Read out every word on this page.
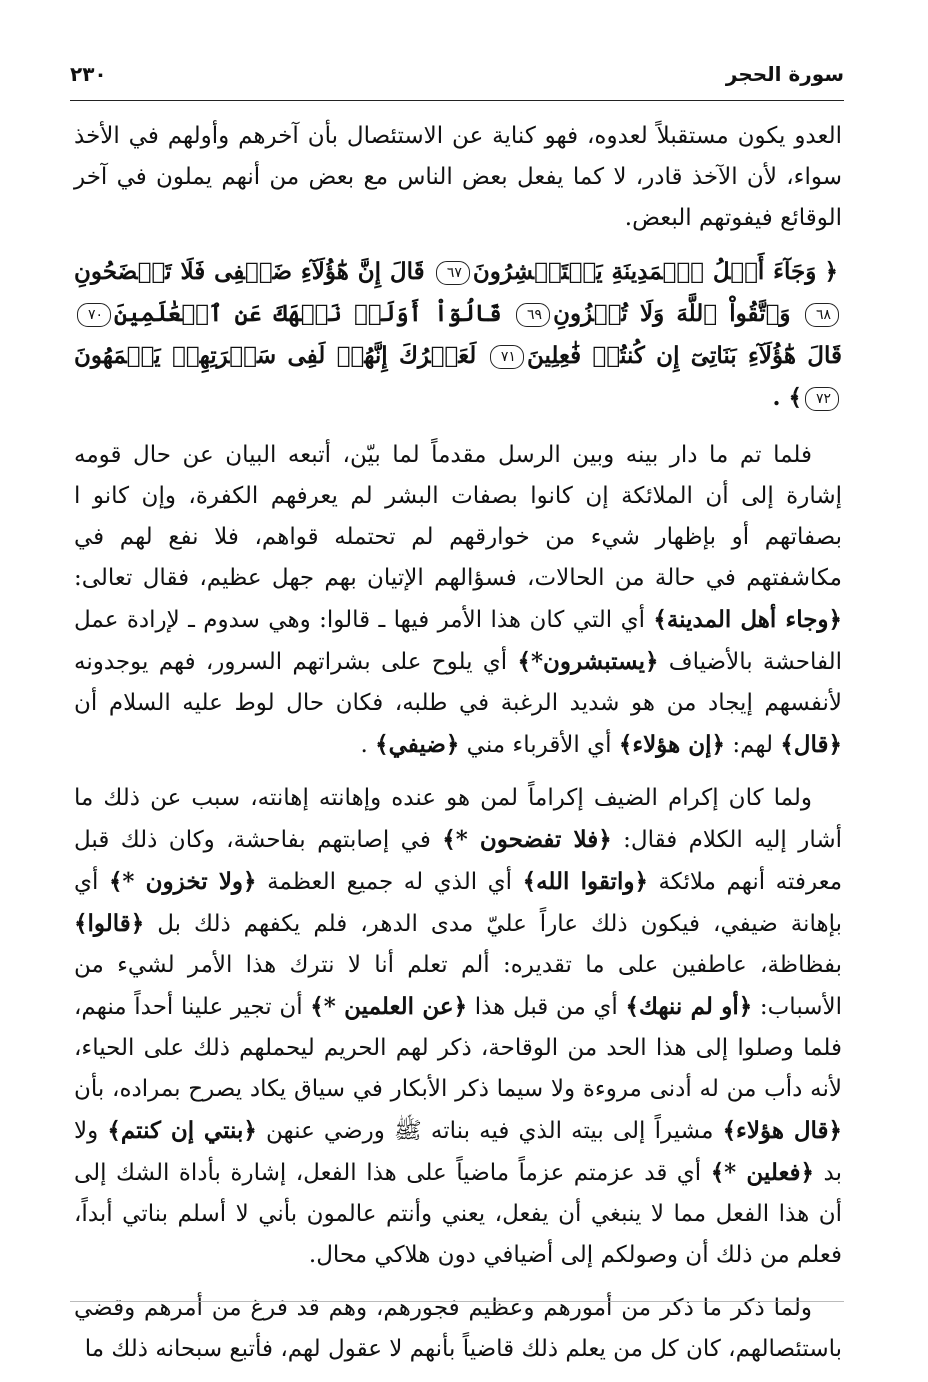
سورة الحجر
٢٣٠

العدو يكون مستقبلاً لعدوه، فهو كناية عن الاستئصال بأن آخرهم وأولهم في الأخذ سواء، لأن الآخذ قادر، لا كما يفعل بعض الناس مع بعض من أنهم يملون في آخر الوقائع فيفوتهم البعض.

﴿ وَجَآءَ أَهۡلُ ٱلۡمَدِينَةِ يَسۡتَبۡشِرُونَ٦٧ قَالَ إِنَّ هَٰٓؤُلَآءِ ضَيۡفِى فَلَا تَفۡضَحُونِ٦٨ وَٱتَّقُواْ ٱللَّهَ وَلَا تُخۡزُونِ٦٩ قَالُوٓاْ أَوَلَمۡ نَنۡهَكَ عَنِ ٱلۡعَٰلَمِينَ٧٠ قَالَ هَٰٓؤُلَآءِ بَنَاتِىٓ إِن كُنتُمۡ فَٰعِلِينَ٧١ لَعَمۡرُكَ إِنَّهُمۡ لَفِى سَكۡرَتِهِمۡ يَعۡمَهُونَ٧٢﴾ .

فلما تم ما دار بينه وبين الرسل مقدماً لما بيّن، أتبعه البيان عن حال قومه إشارة إلى أن الملائكة إن كانوا بصفات البشر لم يعرفهم الكفرة، وإن كانو ا بصفاتهم أو بإظهار شيء من خوارقهم لم تحتمله قواهم، فلا نفع لهم في مكاشفتهم في حالة من الحالات، فسؤالهم الإتيان بهم جهل عظيم، فقال تعالى: ﴿وجاء أهل المدينة﴾ أي التي كان هذا الأمر فيها ـ قالوا: وهي سدوم ـ لإرادة عمل الفاحشة بالأضياف ﴿يستبشرون*﴾ أي يلوح على بشراتهم السرور، فهم يوجدونه لأنفسهم إيجاد من هو شديد الرغبة في طلبه، فكان حال لوط عليه السلام أن ﴿قال﴾ لهم: ﴿إن هؤلاء﴾ أي الأقرباء مني ﴿ضيفي﴾ .

ولما كان إكرام الضيف إكراماً لمن هو عنده وإهانته إهانته، سبب عن ذلك ما أشار إليه الكلام فقال: ﴿فلا تفضحون *﴾ في إصابتهم بفاحشة، وكان ذلك قبل معرفته أنهم ملائكة ﴿واتقوا الله﴾ أي الذي له جميع العظمة ﴿ولا تخزون *﴾ أي بإهانة ضيفي، فيكون ذلك عاراً عليّ مدى الدهر، فلم يكفهم ذلك بل ﴿قالوا﴾ بفظاظة، عاطفين على ما تقديره: ألم تعلم أنا لا نترك هذا الأمر لشيء من الأسباب: ﴿أو لم ننهك﴾ أي من قبل هذا ﴿عن العلمين *﴾ أن تجير علينا أحداً منهم، فلما وصلوا إلى هذا الحد من الوقاحة، ذكر لهم الحريم ليحملهم ذلك على الحياء، لأنه دأب من له أدنى مروءة ولا سيما ذكر الأبكار في سياق يكاد يصرح بمراده، بأن ﴿قال هؤلاء﴾ مشيراً إلى بيته الذي فيه بناته ﷺ ورضي عنهن ﴿بنتي إن كنتم﴾ ولا بد ﴿فعلين *﴾ أي قد عزمتم عزماً ماضياً على هذا الفعل، إشارة بأداة الشك إلى أن هذا الفعل مما لا ينبغي أن يفعل، يعني وأنتم عالمون بأني لا أسلم بناتي أبداً، فعلم من ذلك أن وصولكم إلى أضيافي دون هلاكي محال.

ولما ذكر ما ذكر من أمورهم وعظيم فجورهم، وهم قد فرغ من أمرهم وقضي باستئصالهم، كان كل من يعلم ذلك قاضياً بأنهم لا عقول لهم، فأتبع سبحانه ذلك ما
